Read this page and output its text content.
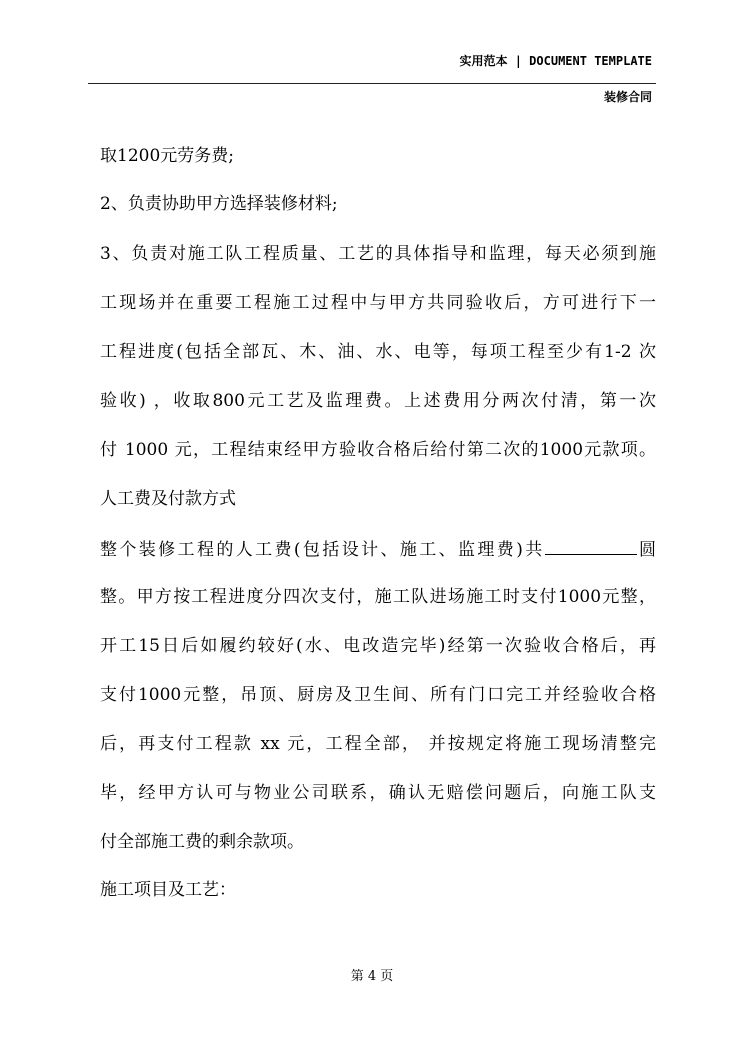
实用范本 | DOCUMENT TEMPLATE
装修合同
取1200元劳务费;
2、负责协助甲方选择装修材料;
3、负责对施工队工程质量、工艺的具体指导和监理，每天必须到施
工现场并在重要工程施工过程中与甲方共同验收后，方可进行下一
工程进度(包括全部瓦、木、油、水、电等，每项工程至少有1-2 次
验收) ，收取800元工艺及监理费。上述费用分两次付清，第一次
付 1000 元，工程结束经甲方验收合格后给付第二次的1000元款项。
人工费及付款方式
整个装修工程的人工费(包括设计、施工、监理费)共	圆
整。甲方按工程进度分四次支付，施工队进场施工时支付1000元整，
开工15日后如履约较好(水、电改造完毕)经第一次验收合格后，再
支付1000元整，吊顶、厨房及卫生间、所有门口完工并经验收合格
后，再支付工程款 xx 元，工程全部， 并按规定将施工现场清整完
毕，经甲方认可与物业公司联系，确认无赔偿问题后，向施工队支
付全部施工费的剩余款项。
施工项目及工艺：
第 4 页
